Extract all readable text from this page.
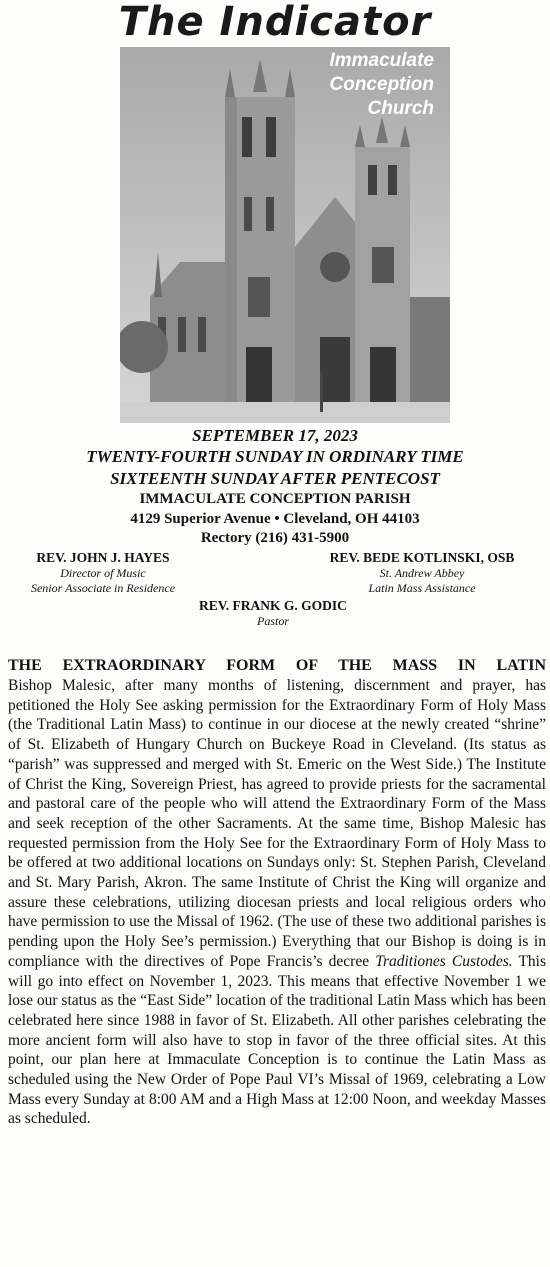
The Indicator
Immaculate
Conception
Church
SEPTEMBER 17, 2023
TWENTY-FOURTH SUNDAY IN ORDINARY TIME
SIXTEENTH SUNDAY AFTER PENTECOST
IMMACULATE CONCEPTION PARISH
4129 Superior Avenue • Cleveland, OH 44103
Rectory (216) 431-5900
REV. JOHN J. HAYES
Director of Music
Senior Associate in Residence
REV. BEDE KOTLINSKI, OSB
St. Andrew Abbey
Latin Mass Assistance
REV. FRANK G. GODIC
Pastor
THE EXTRAORDINARY FORM OF THE MASS IN LATIN

Bishop Malesic, after many months of listening, discernment and prayer, has petitioned the Holy See asking permission for the Extraordinary Form of Holy Mass (the Traditional Latin Mass) to continue in our diocese at the newly created “shrine” of St. Elizabeth of Hungary Church on Buckeye Road in Cleveland. (Its status as “parish” was suppressed and merged with St. Emeric on the West Side.) The Institute of Christ the King, Sovereign Priest, has agreed to provide priests for the sacramental and pastoral care of the people who will attend the Extraordinary Form of the Mass and seek reception of the other Sacraments. At the same time, Bishop Malesic has requested permission from the Holy See for the Extraordinary Form of Holy Mass to be offered at two additional locations on Sundays only: St. Stephen Parish, Cleveland and St. Mary Parish, Akron. The same Institute of Christ the King will organize and assure these celebrations, utilizing diocesan priests and local religious orders who have permission to use the Missal of 1962. (The use of these two additional parishes is pending upon the Holy See’s permission.) Everything that our Bishop is doing is in compliance with the directives of Pope Francis’s decree Traditiones Custodes. This will go into effect on November 1, 2023. This means that effective November 1 we lose our status as the “East Side” location of the traditional Latin Mass which has been celebrated here since 1988 in favor of St. Elizabeth. All other parishes celebrating the more ancient form will also have to stop in favor of the three official sites. At this point, our plan here at Immaculate Conception is to continue the Latin Mass as scheduled using the New Order of Pope Paul VI’s Missal of 1969, celebrating a Low Mass every Sunday at 8:00 AM and a High Mass at 12:00 Noon, and weekday Masses as scheduled.
